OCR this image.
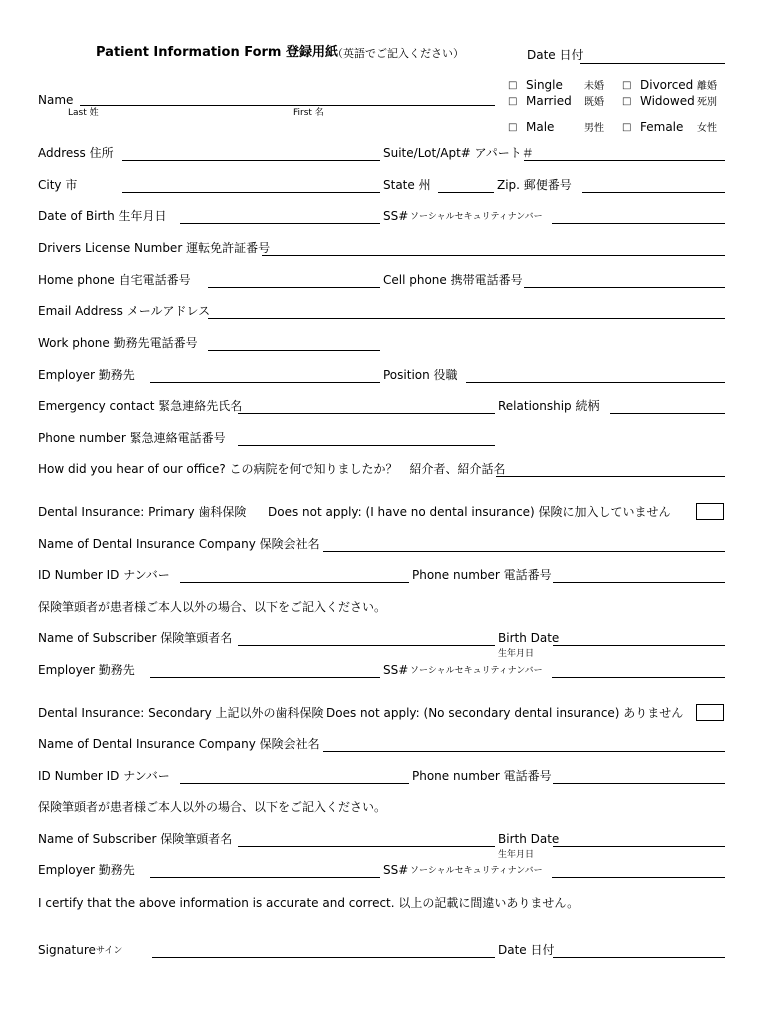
Patient Information Form 登録用紙
（英語でご記入ください）	Date 日付
Name
Last 姓	First 名
□ Single 未婚 □ Divorced 離婚
□ Married 既婚 □ Widowed 死別
□ Male	男性 □ Female 女性
Address 住所	Suite/Lot/Apt# アパート＃
City 市	State 州	Zip. 郵便番号
Date of Birth 生年月日	SS# ソーシャルセキュリティナンバー
Drivers License Number 運転免許証番号
Home phone 自宅電話番号	Cell phone 携帯電話番号
Email Address メールアドレス
Work phone 勤務先電話番号
Employer 勤務先	Position 役職
Emergency contact 緊急連絡先氏名	Relationship 続柄
Phone number 緊急連絡電話番号
How did you hear of our office? この病院を何で知りましたか？　紹介者、紹介話名
Dental Insurance: Primary 歯科保険 Does not apply: (I have no dental insurance) 保険に加入していません
Name of Dental Insurance Company 保険会社名
ID Number ID ナンバー	Phone number 電話番号
保険筆頭者が患者様ご本人以外の場合、以下をご記入ください。
Name of Subscriber 保険筆頭者名	Birth Date
生年月日
Employer 勤務先	SS# ソーシャルセキュリティナンバー
Dental Insurance: Secondary 上記以外の歯科保険 Does not apply: (No secondary dental insurance) ありません
Name of Dental Insurance Company 保険会社名
ID Number ID ナンバー	Phone number 電話番号
保険筆頭者が患者様ご本人以外の場合、以下をご記入ください。
Name of Subscriber 保険筆頭者名	Birth Date
生年月日
Employer 勤務先	SS# ソーシャルセキュリティナンバー
I certify that the above information is accurate and correct. 以上の記載に間違いありません。
Signature サイン	Date 日付
